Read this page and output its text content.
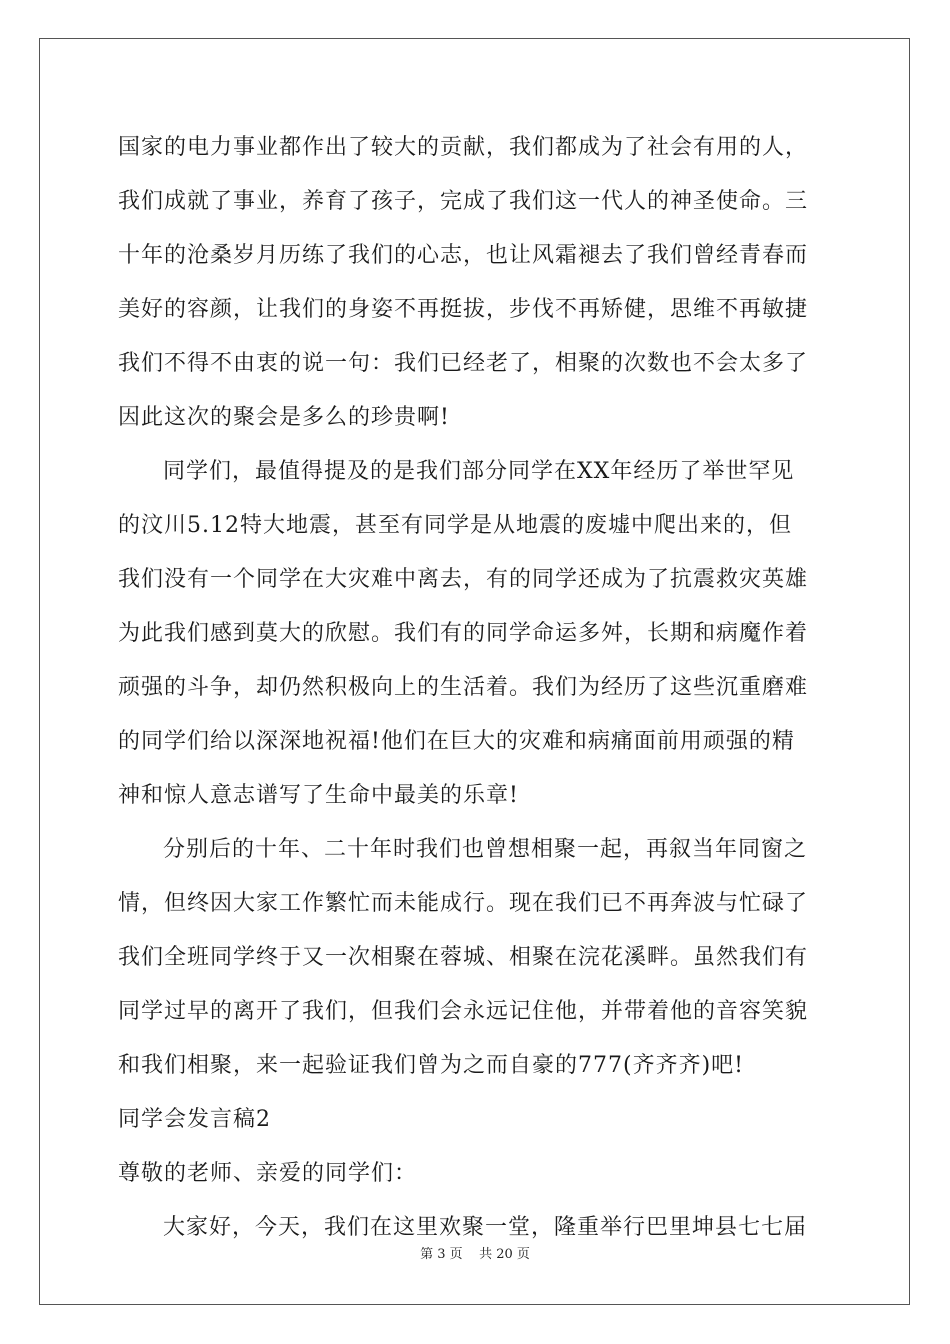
国家的电力事业都作出了较大的贡献，我们都成为了社会有用的人，
我们成就了事业，养育了孩子，完成了我们这一代人的神圣使命。三
十年的沧桑岁月历练了我们的心志，也让风霜褪去了我们曾经青春而
美好的容颜，让我们的身姿不再挺拔，步伐不再矫健，思维不再敏捷
我们不得不由衷的说一句：我们已经老了，相聚的次数也不会太多了
因此这次的聚会是多么的珍贵啊!
同学们，最值得提及的是我们部分同学在XX年经历了举世罕见
的汶川5.12特大地震，甚至有同学是从地震的废墟中爬出来的，但
我们没有一个同学在大灾难中离去，有的同学还成为了抗震救灾英雄
为此我们感到莫大的欣慰。我们有的同学命运多舛，长期和病魔作着
顽强的斗争，却仍然积极向上的生活着。我们为经历了这些沉重磨难
的同学们给以深深地祝福!他们在巨大的灾难和病痛面前用顽强的精
神和惊人意志谱写了生命中最美的乐章!
分别后的十年、二十年时我们也曾想相聚一起，再叙当年同窗之
情，但终因大家工作繁忙而未能成行。现在我们已不再奔波与忙碌了
我们全班同学终于又一次相聚在蓉城、相聚在浣花溪畔。虽然我们有
同学过早的离开了我们，但我们会永远记住他，并带着他的音容笑貌
和我们相聚，来一起验证我们曾为之而自豪的777(齐齐齐)吧!
同学会发言稿2
尊敬的老师、亲爱的同学们：
大家好，今天，我们在这里欢聚一堂，隆重举行巴里坤县七七届
第 3 页    共 20 页
